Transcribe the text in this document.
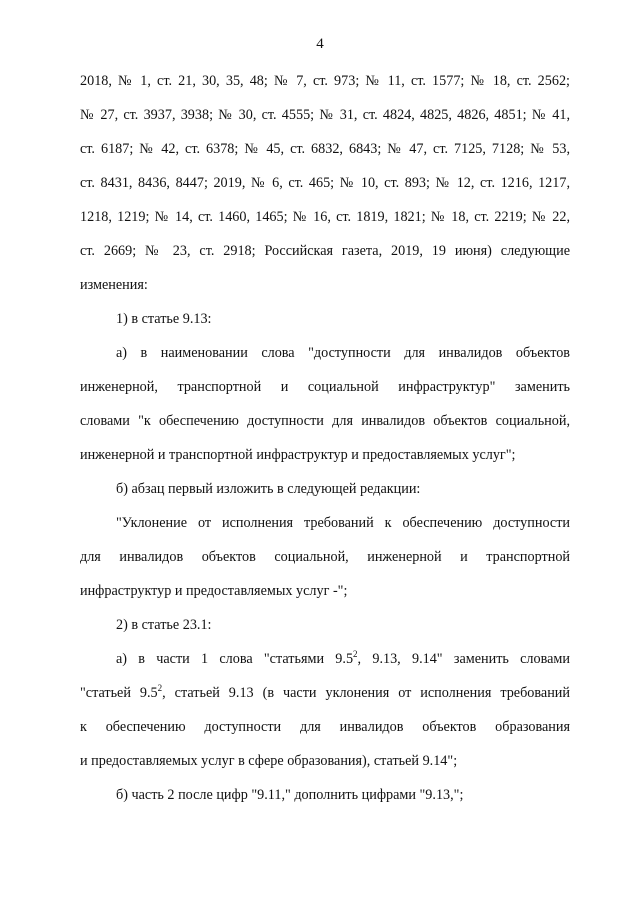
4
2018, № 1, ст. 21, 30, 35, 48; № 7, ст. 973; № 11, ст. 1577; № 18, ст. 2562;
№ 27, ст. 3937, 3938; № 30, ст. 4555; № 31, ст. 4824, 4825, 4826, 4851; № 41,
ст. 6187; № 42, ст. 6378; № 45, ст. 6832, 6843; № 47, ст. 7125, 7128; № 53,
ст. 8431, 8436, 8447; 2019, № 6, ст. 465; № 10, ст. 893; № 12, ст. 1216, 1217,
1218, 1219; № 14, ст. 1460, 1465; № 16, ст. 1819, 1821; № 18, ст. 2219; № 22,
ст. 2669; № 23, ст. 2918; Российская газета, 2019, 19 июня) следующие
изменения:
1) в статье 9.13:
а) в наименовании слова "доступности для инвалидов объектов
инженерной, транспортной и социальной инфраструктур" заменить
словами "к обеспечению доступности для инвалидов объектов социальной,
инженерной и транспортной инфраструктур и предоставляемых услуг";
б) абзац первый изложить в следующей редакции:
"Уклонение от исполнения требований к обеспечению доступности
для инвалидов объектов социальной, инженерной и транспортной
инфраструктур и предоставляемых услуг -";
2) в статье 23.1:
а) в части 1 слова "статьями $9.5^2$, 9.13, 9.14" заменить словами
"статьей $9.5^2$, статьей 9.13 (в части уклонения от исполнения требований
к обеспечению доступности для инвалидов объектов образования
и предоставляемых услуг в сфере образования), статьей 9.14";
б) часть 2 после цифр "9.11," дополнить цифрами "9.13,";
